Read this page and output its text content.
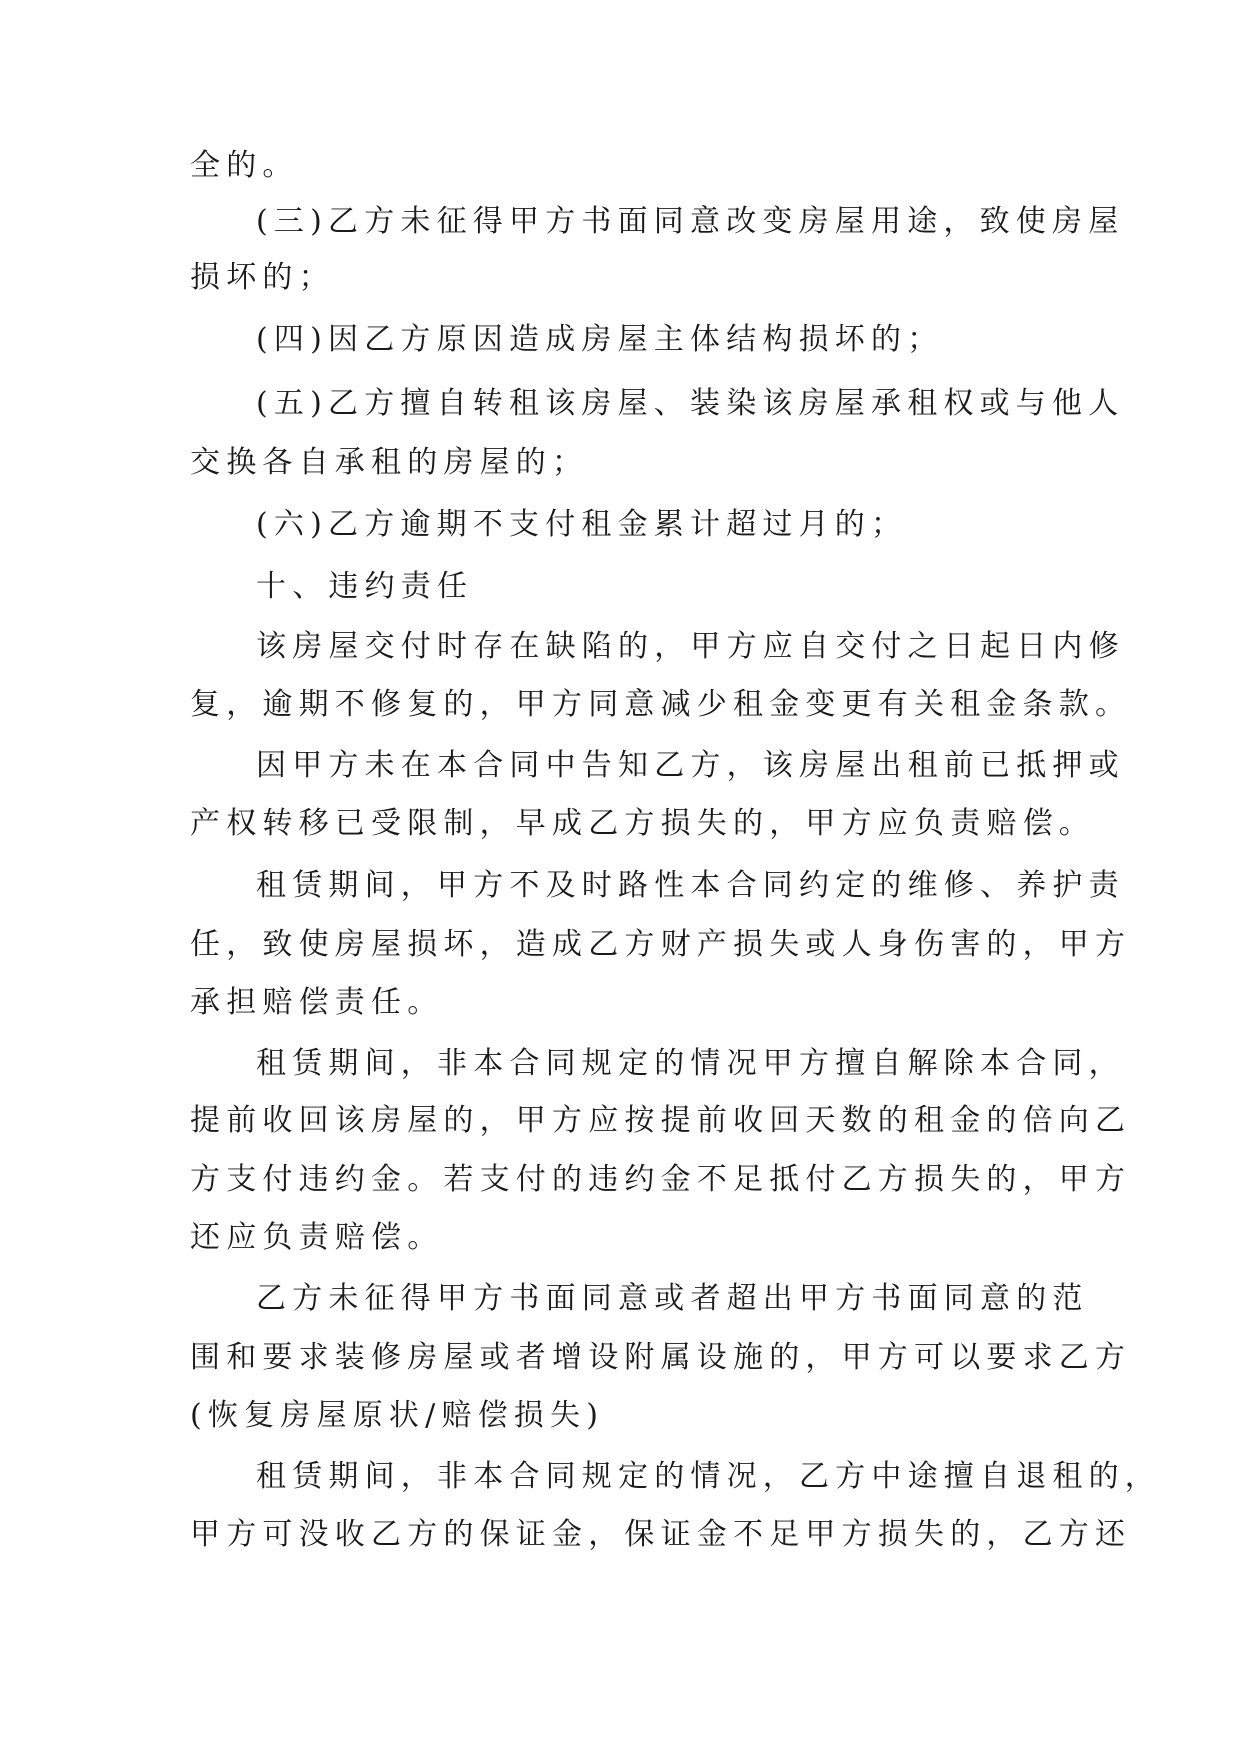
全的。
(三)乙方未征得甲方书面同意改变房屋用途，致使房屋
损坏的；
(四)因乙方原因造成房屋主体结构损坏的；
(五)乙方擅自转租该房屋、装染该房屋承租权或与他人
交换各自承租的房屋的；
(六)乙方逾期不支付租金累计超过月的；
十、违约责任
该房屋交付时存在缺陷的，甲方应自交付之日起日内修
复，逾期不修复的，甲方同意减少租金变更有关租金条款。
因甲方未在本合同中告知乙方，该房屋出租前已抵押或
产权转移已受限制，早成乙方损失的，甲方应负责赔偿。
租赁期间，甲方不及时路性本合同约定的维修、养护责
任，致使房屋损坏，造成乙方财产损失或人身伤害的，甲方
承担赔偿责任。
租赁期间，非本合同规定的情况甲方擅自解除本合同，
提前收回该房屋的，甲方应按提前收回天数的租金的倍向乙
方支付违约金。若支付的违约金不足抵付乙方损失的，甲方
还应负责赔偿。
乙方未征得甲方书面同意或者超出甲方书面同意的范
围和要求装修房屋或者增设附属设施的，甲方可以要求乙方
(恢复房屋原状/赔偿损失)
租赁期间，非本合同规定的情况，乙方中途擅自退租的，
甲方可没收乙方的保证金，保证金不足甲方损失的，乙方还
